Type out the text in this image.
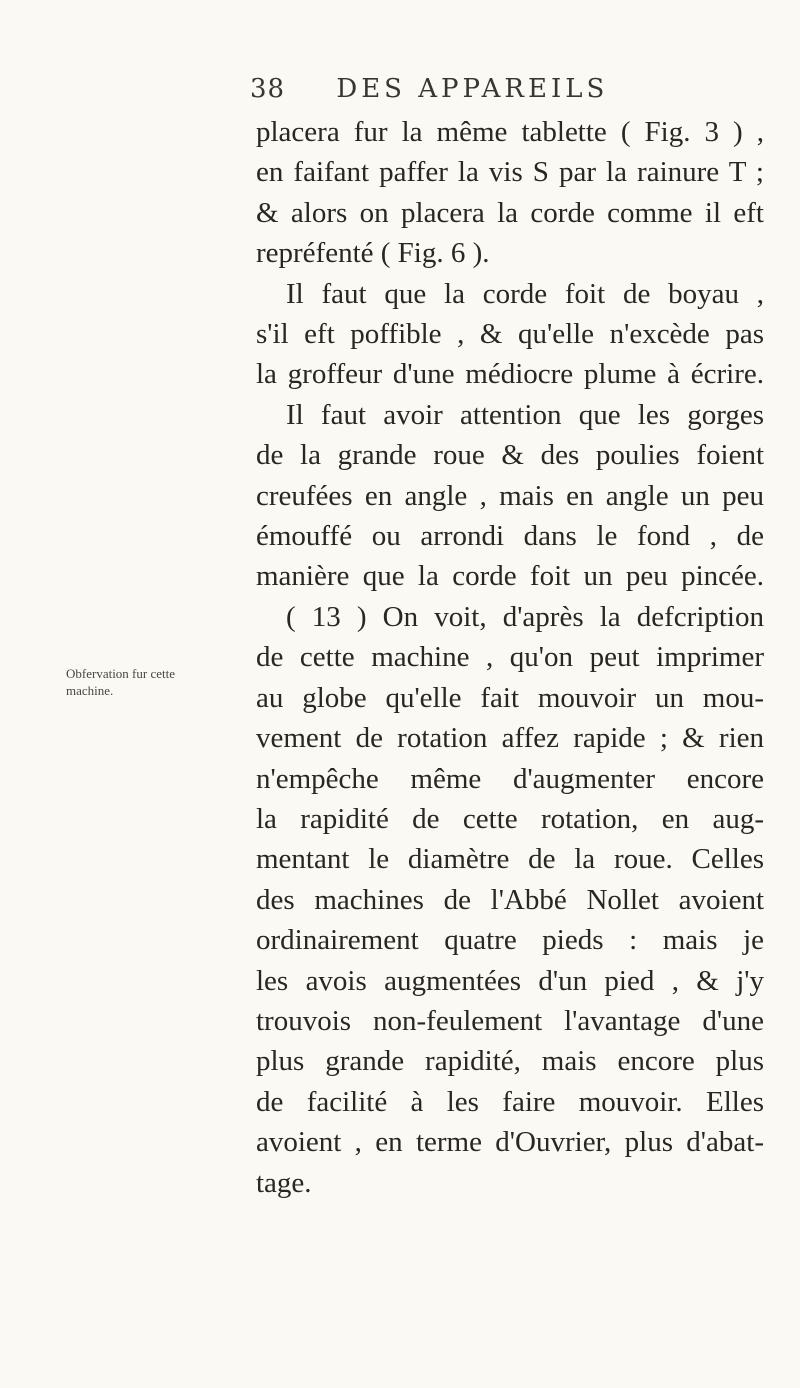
38 DES APPAREILS
Obfervation fur cette
machine.
placera fur la même tablette ( Fig. 3 ) ,
en faifant paffer la vis S par la rainure T ;
& alors on placera la corde comme il eft
repréfenté ( Fig. 6 ).
Il faut que la corde foit de boyau ,
s'il eft poffible , & qu'elle n'excède pas
la groffeur d'une médiocre plume à écrire.
Il faut avoir attention que les gorges
de la grande roue & des poulies foient
creufées en angle , mais en angle un peu
émouffé ou arrondi dans le fond , de
manière que la corde foit un peu pincée.
( 13 ) On voit, d'après la defcription
de cette machine , qu'on peut imprimer
au globe qu'elle fait mouvoir un mou-
vement de rotation affez rapide ; & rien
n'empêche même d'augmenter encore
la rapidité de cette rotation, en aug-
mentant le diamètre de la roue. Celles
des machines de l'Abbé Nollet avoient
ordinairement quatre pieds : mais je
les avois augmentées d'un pied , & j'y
trouvois non-feulement l'avantage d'une
plus grande rapidité, mais encore plus
de facilité à les faire mouvoir. Elles
avoient , en terme d'Ouvrier, plus d'abat-
tage.
